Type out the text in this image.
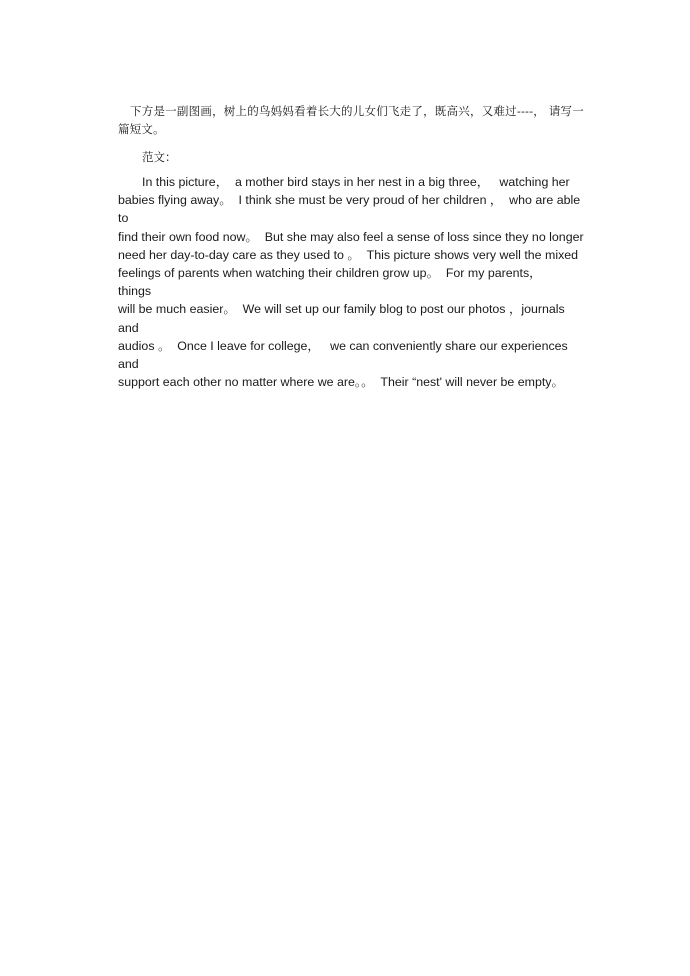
下方是一副图画，树上的鸟妈妈看着长大的儿女们飞走了，既高兴，又难过----， 请写一篇短文。

范文：

In this picture，  a mother bird stays in her nest in a big three，   watching her
babies flying away。  I think she must be very proud of her children ，  who are able to
find their own food now。  But she may also feel a sense of loss since they no longer
need her day-to-day care as they used to 。  This picture shows very well the mixed
feelings of parents when watching their children grow up。  For my parents，   things
will be much easier。  We will set up our family blog to post our photos ，journals and
audios 。  Once I leave for college，   we can conveniently share our experiences and
support each other no matter where we are。。  Their “nest' will never be empty。
